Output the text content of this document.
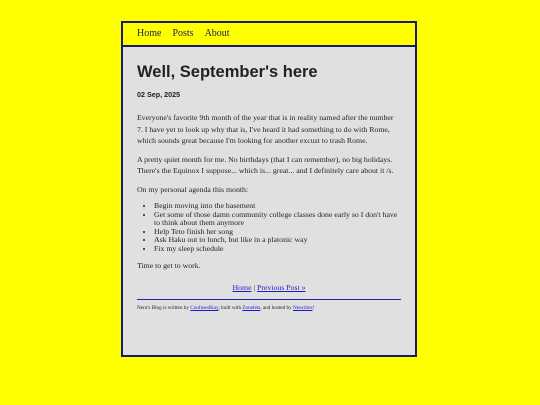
Home Posts About
Well, September's here
02 Sep, 2025

Everyone's favorite 9th month of the year that is in reality named after the number 7. I have yet to look up why that is, I've heard it had something to do with Rome, which sounds great because I'm looking for another excust to trash Rome.

A pretty quiet month for me. No birthdays (that I can remember), no big holidays. There's the Equinox I suppose... which is... great... and I definitely care about it /s.

On my personal agenda this month:

• Begin moving into the basement
• Get some of those damn community college classes done early so I don't have to think about them anymore
• Help Teto finish her song
• Ask Haku out to lunch, but like in a platonic way
• Fix my sleep schedule

Time to get to work.

Home | Previous Post »
Neru's Blog is written by ConfusedKay, built with Zonelets, and hosted by Neocities!
